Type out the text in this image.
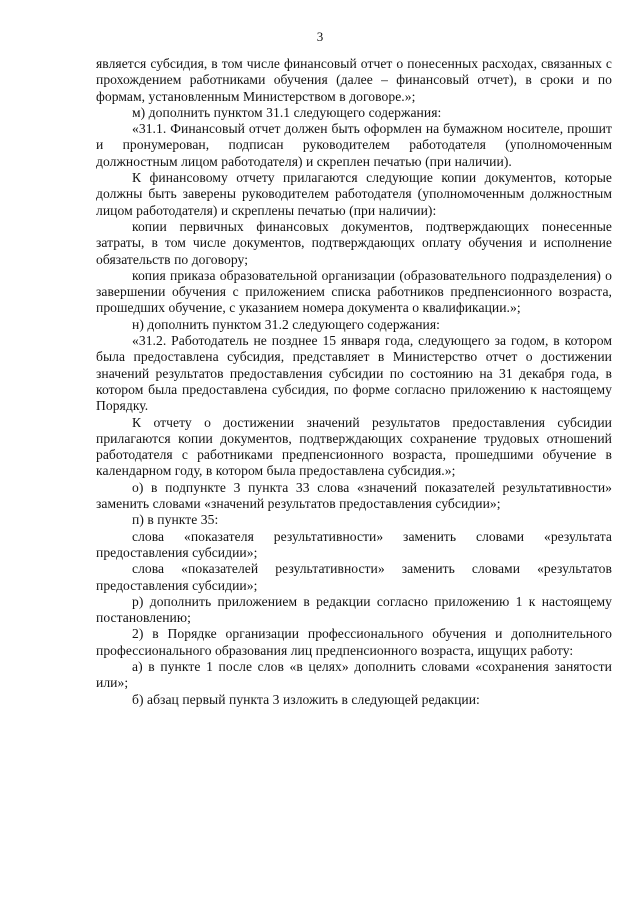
3

является субсидия, в том числе финансовый отчет о понесенных расходах, связанных с прохождением работниками обучения (далее – финансовый отчет), в сроки и по формам, установленным Министерством в договоре.»;

м) дополнить пунктом 31.1 следующего содержания:

«31.1. Финансовый отчет должен быть оформлен на бумажном носителе, прошит и пронумерован, подписан руководителем работодателя (уполномоченным должностным лицом работодателя) и скреплен печатью (при наличии).

К финансовому отчету прилагаются следующие копии документов, которые должны быть заверены руководителем работодателя (уполномоченным должностным лицом работодателя) и скреплены печатью (при наличии):

копии первичных финансовых документов, подтверждающих понесенные затраты, в том числе документов, подтверждающих оплату обучения и исполнение обязательств по договору;

копия приказа образовательной организации (образовательного подразделения) о завершении обучения с приложением списка работников предпенсионного возраста, прошедших обучение, с указанием номера документа о квалификации.»;

н) дополнить пунктом 31.2 следующего содержания:

«31.2. Работодатель не позднее 15 января года, следующего за годом, в котором была предоставлена субсидия, представляет в Министерство отчет о достижении значений результатов предоставления субсидии по состоянию на 31 декабря года, в котором была предоставлена субсидия, по форме согласно приложению к настоящему Порядку.

К отчету о достижении значений результатов предоставления субсидии прилагаются копии документов, подтверждающих сохранение трудовых отношений работодателя с работниками предпенсионного возраста, прошедшими обучение в календарном году, в котором была предоставлена субсидия.»;

о) в подпункте 3 пункта 33 слова «значений показателей результативности» заменить словами «значений результатов предоставления субсидии»;

п) в пункте 35:

слова «показателя результативности» заменить словами «результата предоставления субсидии»;

слова «показателей результативности» заменить словами «результатов предоставления субсидии»;

р) дополнить приложением в редакции согласно приложению 1 к настоящему постановлению;

2) в Порядке организации профессионального обучения и дополнительного профессионального образования лиц предпенсионного возраста, ищущих работу:

а) в пункте 1 после слов «в целях» дополнить словами «сохранения занятости или»;

б) абзац первый пункта 3 изложить в следующей редакции:
